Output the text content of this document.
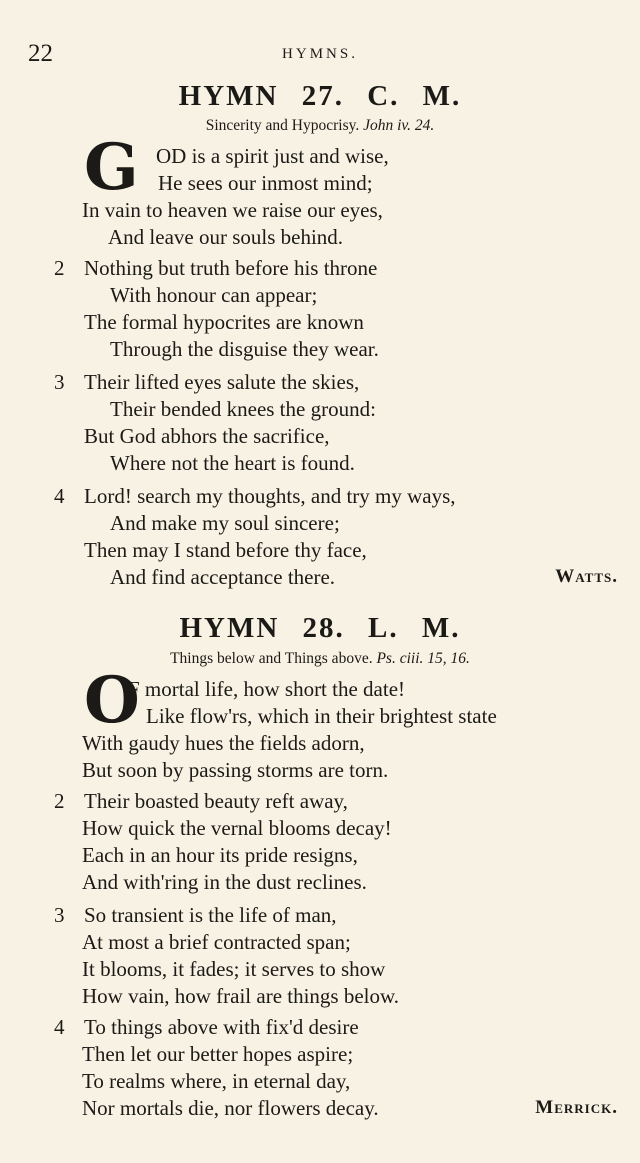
22	HYMNS.
HYMN 27. C. M.
Sincerity and Hypocrisy. John iv. 24.
G OD is a spirit just and wise,
He sees our inmost mind;
In vain to heaven we raise our eyes,
And leave our souls behind.
2 Nothing but truth before his throne
With honour can appear;
The formal hypocrites are known
Through the disguise they wear.
3 Their lifted eyes salute the skies,
Their bended knees the ground:
But God abhors the sacrifice,
Where not the heart is found.
4 Lord! search my thoughts, and try my ways,
And make my soul sincere;
Then may I stand before thy face,
And find acceptance there.	Watts.
HYMN 28. L. M.
Things below and Things above. Ps. ciii. 15, 16.
O
F mortal life, how short the date!
Like flow'rs, which in their brightest state
With gaudy hues the fields adorn,
But soon by passing storms are torn.
2 Their boasted beauty reft away,
How quick the vernal blooms decay!
Each in an hour its pride resigns,
And with'ring in the dust reclines.
3 So transient is the life of man,
At most a brief contracted span;
It blooms, it fades; it serves to show
How vain, how frail are things below.
4 To things above with fix'd desire
Then let our better hopes aspire;
To realms where, in eternal day,
Nor mortals die, nor flowers decay.	Merrick.
